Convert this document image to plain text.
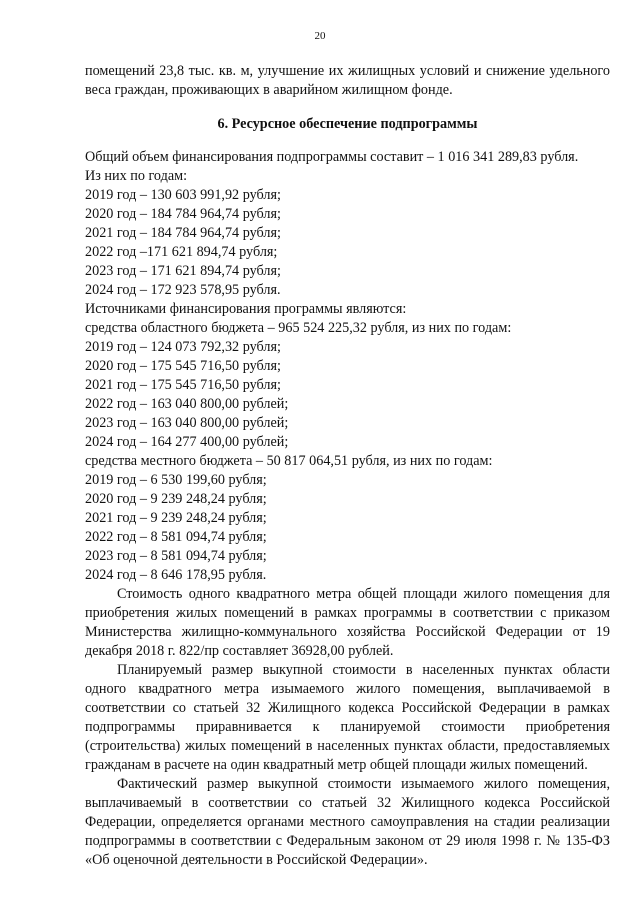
20

помещений 23,8 тыс. кв. м, улучшение их жилищных условий и снижение удельного веса граждан, проживающих в аварийном жилищном фонде.

6. Ресурсное обеспечение подпрограммы

Общий объем финансирования подпрограммы составит – 1 016 341 289,83 рубля.

Из них по годам:

2019 год – 130 603 991,92 рубля;

2020 год – 184 784 964,74 рубля;

2021 год – 184 784 964,74 рубля;

2022 год –171 621 894,74 рубля;

2023 год – 171 621 894,74 рубля;

2024 год – 172 923 578,95 рубля.

Источниками финансирования программы являются:

средства областного бюджета – 965 524 225,32 рубля, из них по годам:

2019 год – 124 073 792,32 рубля;

2020 год – 175 545 716,50 рубля;

2021 год – 175 545 716,50 рубля;

2022 год – 163 040 800,00 рублей;

2023 год – 163 040 800,00 рублей;

2024 год – 164 277 400,00 рублей;

средства местного бюджета – 50 817 064,51 рубля, из них по годам:

2019 год – 6 530 199,60 рубля;

2020 год – 9 239 248,24 рубля;

2021 год – 9 239 248,24 рубля;

2022 год – 8 581 094,74 рубля;

2023 год – 8 581 094,74 рубля;

2024 год – 8 646 178,95 рубля.

Стоимость одного квадратного метра общей площади жилого помещения для приобретения жилых помещений в рамках программы в соответствии с приказом Министерства жилищно-коммунального хозяйства Российской Федерации от 19 декабря 2018 г. 822/пр составляет 36928,00 рублей.

Планируемый размер выкупной стоимости в населенных пунктах области одного квадратного метра изымаемого жилого помещения, выплачиваемой в соответствии со статьей 32 Жилищного кодекса Российской Федерации в рамках подпрограммы приравнивается к планируемой стоимости приобретения (строительства) жилых помещений в населенных пунктах области, предоставляемых гражданам в расчете на один квадратный метр общей площади жилых помещений.

Фактический размер выкупной стоимости изымаемого жилого помещения, выплачиваемый в соответствии со статьей 32 Жилищного кодекса Российской Федерации, определяется органами местного самоуправления на стадии реализации подпрограммы в соответствии с Федеральным законом от 29 июля 1998 г. № 135-ФЗ «Об оценочной деятельности в Российской Федерации».
